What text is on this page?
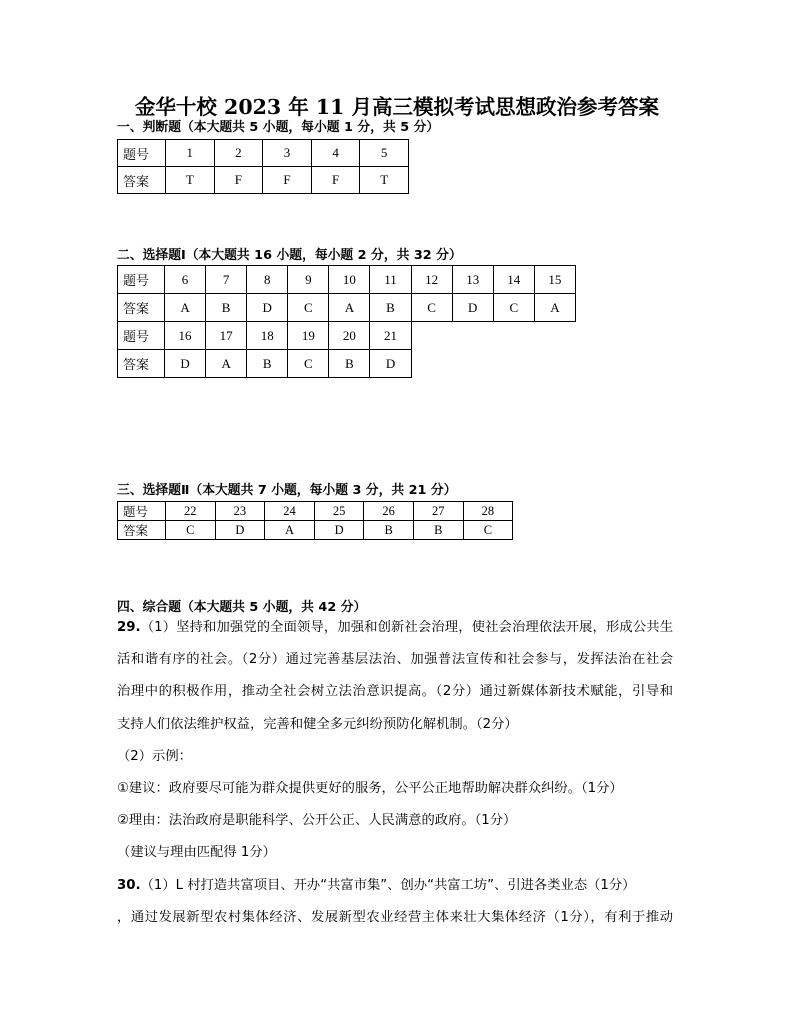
金华十校 2023 年 11 月高三模拟考试思想政治参考答案
一、判断题（本大题共 5 小题，每小题 1 分，共 5 分）
题号	1	2	3	4	5
答案	T	F	F	F	T
二、选择题Ⅰ（本大题共 16 小题，每小题 2 分，共 32 分）
题号	6	7	8	9	10	11	12	13	14	15
答案	A	B	D	C	A	B	C	D	C	A
题号	16	17	18	19	20	21				
答案	D	A	B	C	B	D				
三、选择题Ⅱ（本大题共 7 小题，每小题 3 分，共 21 分）
题号	22	23	24	25	26	27	28
答案	C	D	A	D	B	B	C
四、综合题（本大题共 5 小题，共 42 分）
29.（1）坚持和加强党的全面领导，加强和创新社会治理，使社会治理依法开展，形成公共生
活和谐有序的社会。（2分）通过完善基层法治、加强普法宣传和社会参与，发挥法治在社会
治理中的积极作用，推动全社会树立法治意识提高。（2分）通过新媒体新技术赋能，引导和
支持人们依法维护权益，完善和健全多元纠纷预防化解机制。（2分）
（2）示例：
①建议：政府要尽可能为群众提供更好的服务，公平公正地帮助解决群众纠纷。（1分）
②理由：法治政府是职能科学、公开公正、人民满意的政府。（1分）
（建议与理由匹配得 1分）
30.（1）L 村打造共富项目、开办“共富市集”、创办“共富工坊”、引进各类业态（1分）
，通过发展新型农村集体经济、发展新型农业经营主体来壮大集体经济（1分），有利于推动
